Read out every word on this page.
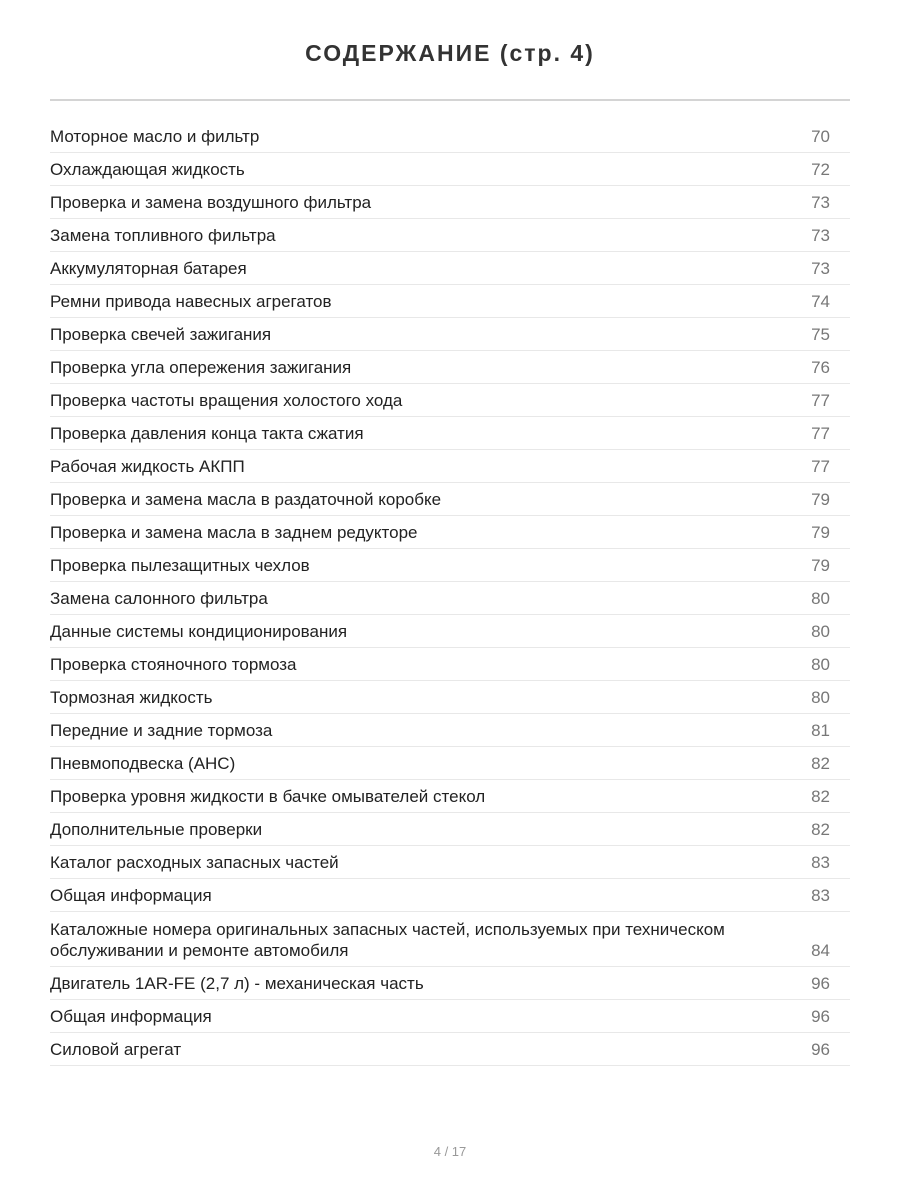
СОДЕРЖАНИЕ (стр. 4)
Моторное масло и фильтр	70
Охлаждающая жидкость	72
Проверка и замена воздушного фильтра	73
Замена топливного фильтра	73
Аккумуляторная батарея	73
Ремни привода навесных агрегатов	74
Проверка свечей зажигания	75
Проверка угла опережения зажигания	76
Проверка частоты вращения холостого хода	77
Проверка давления конца такта сжатия	77
Рабочая жидкость АКПП	77
Проверка и замена масла в раздаточной коробке	79
Проверка и замена масла в заднем редукторе	79
Проверка пылезащитных чехлов	79
Замена салонного фильтра	80
Данные системы кондиционирования	80
Проверка стояночного тормоза	80
Тормозная жидкость	80
Передние и задние тормоза	81
Пневмоподвеска (AHC)	82
Проверка уровня жидкости в бачке омывателей стекол	82
Дополнительные проверки	82
Каталог расходных запасных частей	83
Общая информация	83
Каталожные номера оригинальных запасных частей, используемых при техническом обслуживании и ремонте автомобиля	84
Двигатель 1AR-FE (2,7 л) - механическая часть	96
Общая информация	96
Силовой агрегат	96
4 / 17
